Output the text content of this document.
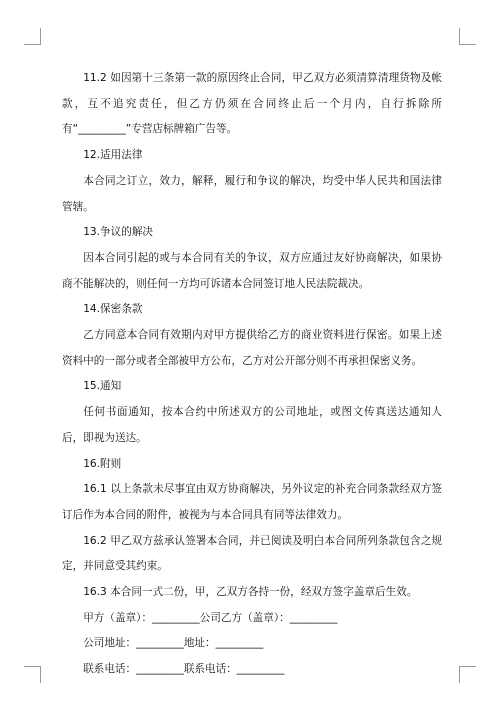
11.2 如因第十三条第一款的原因终止合同，甲乙双方必须清算清理货物及帐款，互不追究责任，但乙方仍须在合同终止后一个月内，自行拆除所有“_________”专营店标牌箱广告等。

12.适用法律

本合同之订立，效力，解释，履行和争议的解决，均受中华人民共和国法律管辖。

13.争议的解决

因本合同引起的或与本合同有关的争议，双方应通过友好协商解决，如果协商不能解决的，则任何一方均可诉诸本合同签订地人民法院裁决。

14.保密条款

乙方同意本合同有效期内对甲方提供给乙方的商业资料进行保密。如果上述资料中的一部分或者全部被甲方公布，乙方对公开部分则不再承担保密义务。

15.通知

任何书面通知，按本合约中所述双方的公司地址，或图文传真送达通知人后，即视为送达。

16.附则

16.1 以上条款未尽事宜由双方协商解决，另外议定的补充合同条款经双方签订后作为本合同的附件，被视为与本合同具有同等法律效力。

16.2 甲乙双方兹承认签署本合同，并已阅读及明白本合同所列条款包含之规定，并同意受其约束。

16.3 本合同一式二份，甲，乙双方各持一份，经双方签字盖章后生效。

甲方（盖章）：_________公司乙方（盖章）：_________

公司地址：_________地址：_________

联系电话：_________联系电话：_________
